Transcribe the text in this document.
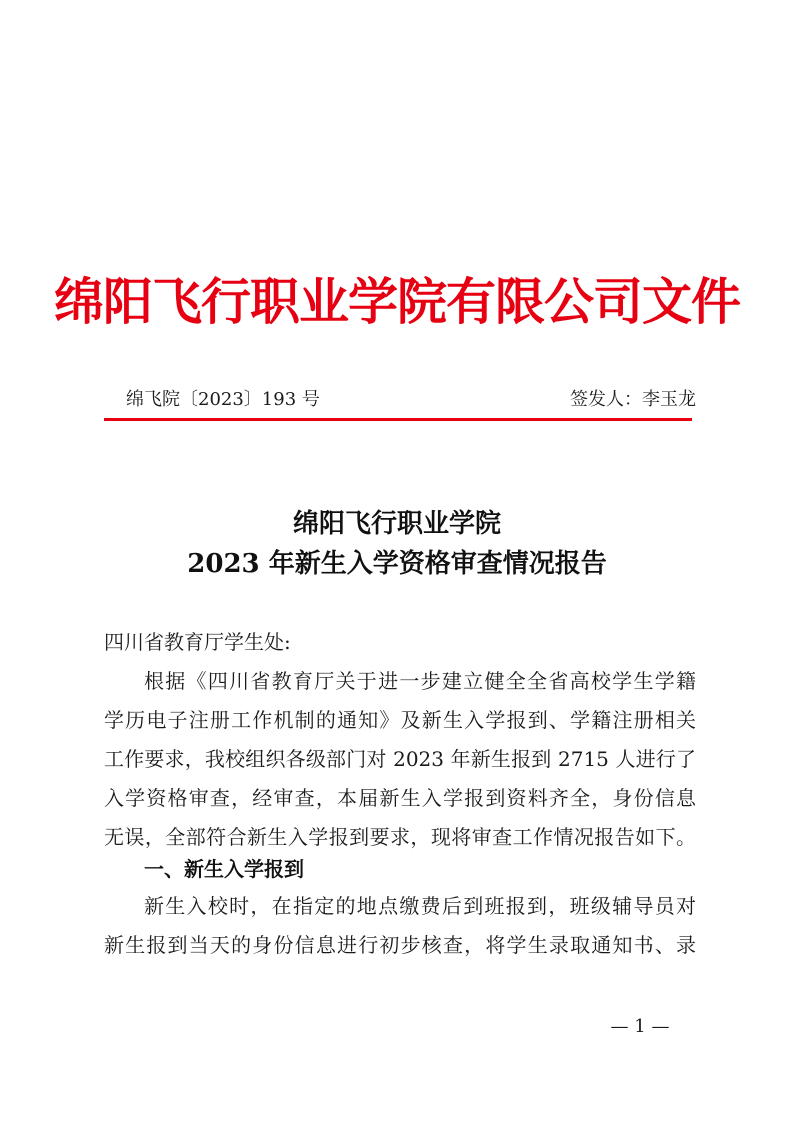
绵阳飞行职业学院有限公司文件
绵飞院〔2023〕193 号	签发人：李玉龙
绵阳飞行职业学院
2023 年新生入学资格审查情况报告
四川省教育厅学生处:
根据《四川省教育厅关于进一步建立健全全省高校学生学籍
学历电子注册工作机制的通知》及新生入学报到、学籍注册相关
工作要求，我校组织各级部门对 2023 年新生报到 2715 人进行了
入学资格审查，经审查，本届新生入学报到资料齐全，身份信息
无误，全部符合新生入学报到要求，现将审查工作情况报告如下。
一、新生入学报到
新生入校时，在指定的地点缴费后到班报到，班级辅导员对
新生报到当天的身份信息进行初步核查，将学生录取通知书、录
— 1 —
